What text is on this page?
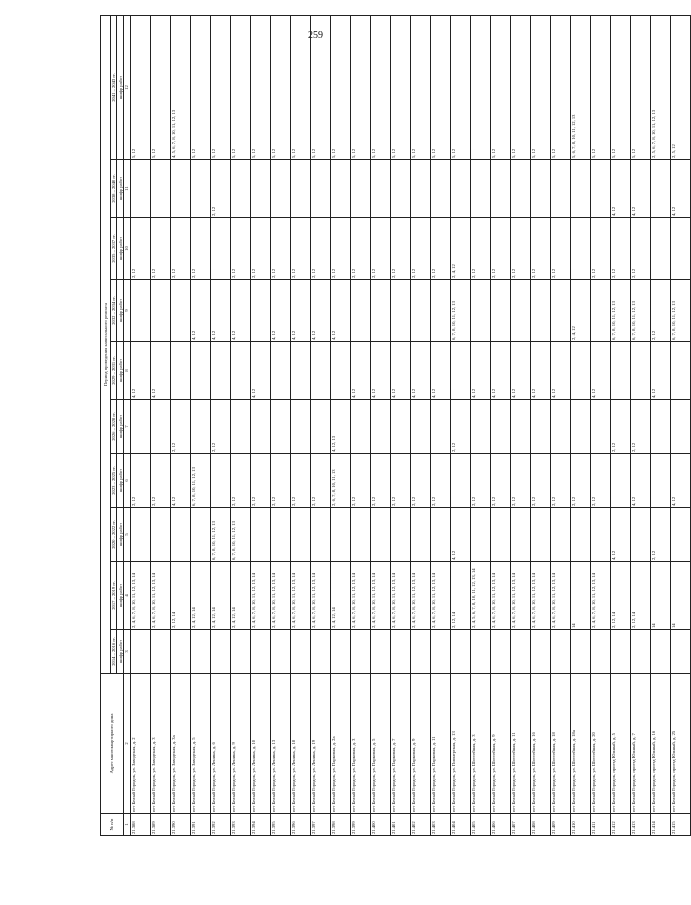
259
№ п/п	Адрес многоквартирного дома	Период проведения капитального ремонта									
		2014 – 2016 гг. шифр работ	2017 – 2019 гг. шифр работ	2020 – 2022 гг. шифр работ	2023 – 2025 гг. шифр работ	2026 – 2028 гг. шифр работ	2029 – 2031 гг. шифр работ	2032 – 2034 гг. шифр работ	2035 – 2037 гг. шифр работ	2038 – 2040 гг. шифр работ	2041 – 2043 гг. шифр работ

1	2	3	4	5	6	7	8	9	10	11	12
21.388	пгт Белый Городок, ул. Заводская, д. 2		2, 4, 6, 7, 8, 10, 11, 12, 13, 14		2, 12		4, 12		2, 12		5, 12
21.389	пгт Белый Городок, ул. Заводская, д. 3		2, 4, 6, 7, 8, 10, 11, 12, 13, 14		2, 12		4, 12		2, 12		5, 12
21.390	пгт Белый Городок, ул. Заводская, д. 3а		2, 12, 14		4, 12	2, 12			2, 12		4, 5, 6, 7, 8, 10, 11, 12, 13
21.391	пгт Белый Городок, ул. Заводская, д. 5		2, 4, 12, 14		6, 7, 8, 10, 11, 12, 13			4, 12	2, 12		5, 12
21.392	пгт Белый Городок, ул. Ленина, д. 6		2, 4, 12, 14	6, 7, 8, 10, 11, 12, 13		2, 12		4, 12		2, 12	5, 12
21.393	пгт Белый Городок, ул. Ленина, д. 9		2, 4, 12, 14	6, 7, 8, 10, 11, 12, 13	2, 12			4, 12	2, 12		5, 12
21.394	пгт Белый Городок, ул. Ленина, д. 10		2, 4, 6, 7, 8, 10, 11, 12, 13, 14		2, 12		4, 12		2, 12		5, 12
21.395	пгт Белый Городок, ул. Ленина, д. 13		2, 4, 6, 7, 8, 10, 11, 12, 13, 14		2, 12			4, 12	2, 12		5, 12
21.396	пгт Белый Городок, ул. Ленина, д. 18		2, 4, 6, 7, 8, 10, 11, 12, 13, 14		2, 12			4, 12	2, 12		5, 12
21.397	пгт Белый Городок, ул. Ленина, д. 19		2, 4, 6, 7, 8, 10, 11, 12, 13, 14		2, 12			4, 12	2, 12		5, 12
21.398	пгт Белый Городок, ул. Парковая, д. 2а		2, 4, 12, 14		2, 6, 7, 8, 10, 11, 13	4, 12, 13		4, 12	2, 12		5, 12
21.399	пгт Белый Городок, ул. Парковая, д. 3		2, 4, 6, 7, 8, 10, 11, 12, 13, 14		2, 12		4, 12		2, 12		5, 12
21.400	пгт Белый Городок, ул. Парковая, д. 5		2, 4, 6, 7, 8, 10, 11, 12, 13, 14		2, 12		4, 12		2, 12		5, 12
21.401	пгт Белый Городок, ул. Парковая, д. 7		2, 4, 6, 7, 8, 10, 11, 12, 13, 14		2, 12		4, 12		2, 12		5, 12
21.402	пгт Белый Городок, ул. Парковая, д. 9		2, 4, 6, 7, 8, 10, 11, 12, 13, 14		2, 12		4, 12		2, 12		5, 12
21.403	пгт Белый Городок, ул. Парковая, д. 11		2, 4, 6, 7, 8, 10, 11, 12, 13, 14		2, 12		4, 12		2, 12		5, 12
21.404	пгт Белый Городок, ул. Пионерская, д. 13		2, 12, 14	4, 12		2, 12		6, 7, 8, 10, 11, 12, 13	2, 4, 12		5, 12
21.405	пгт Белый Городок, ул. Шоссейная, д. 3		2, 4, 5, 6, 7, 8, 10, 11, 12, 13, 14		2, 12		4, 12		2, 12		
21.406	пгт Белый Городок, ул. Шоссейная, д. 9		2, 4, 6, 7, 8, 10, 11, 12, 13, 14		2, 12		4, 12		2, 12		5, 12
21.407	пгт Белый Городок, ул. Шоссейная, д. 11		2, 4, 6, 7, 8, 10, 11, 12, 13, 14		2, 12		4, 12		2, 12		5, 12
21.408	пгт Белый Городок, ул. Шоссейная, д. 16		2, 4, 6, 7, 8, 10, 11, 12, 13, 14		2, 12		4, 12		2, 12		5, 12
21.409	пгт Белый Городок, ул. Шоссейная, д. 18		2, 4, 6, 7, 8, 10, 11, 12, 13, 14		2, 12		4, 12		2, 12		5, 12
21.410	пгт Белый Городок, ул. Шоссейная, д. 18а		14		2, 12			2, 4, 12			5, 6, 7, 8, 10, 11, 12, 13
21.411	пгт Белый Городок, ул. Шоссейная, д. 20		2, 4, 6, 7, 8, 10, 11, 12, 13, 14		2, 12		4, 12		2, 12		5, 12
21.412	пгт Белый Городок, проезд Южный, д. 5		2, 12, 14	4, 12		2, 12		6, 7, 8, 10, 11, 12, 13	2, 12	4, 12	5, 12
21.413	пгт Белый Городок, проезд Южный, д. 7		2, 12, 14		4, 12	2, 12		6, 7, 8, 10, 11, 12, 13	2, 12	4, 12	5, 12
21.414	пгт Белый Городок, проезд Южный, д. 16		14	2, 12			4, 12	2, 12			2, 5, 6, 7, 8, 10, 11, 12, 13
21.415	пгт Белый Городок, проезд Южный, д. 25		14		4, 12			6, 7, 8, 10, 11, 12, 13		4, 12	2, 5, 12
